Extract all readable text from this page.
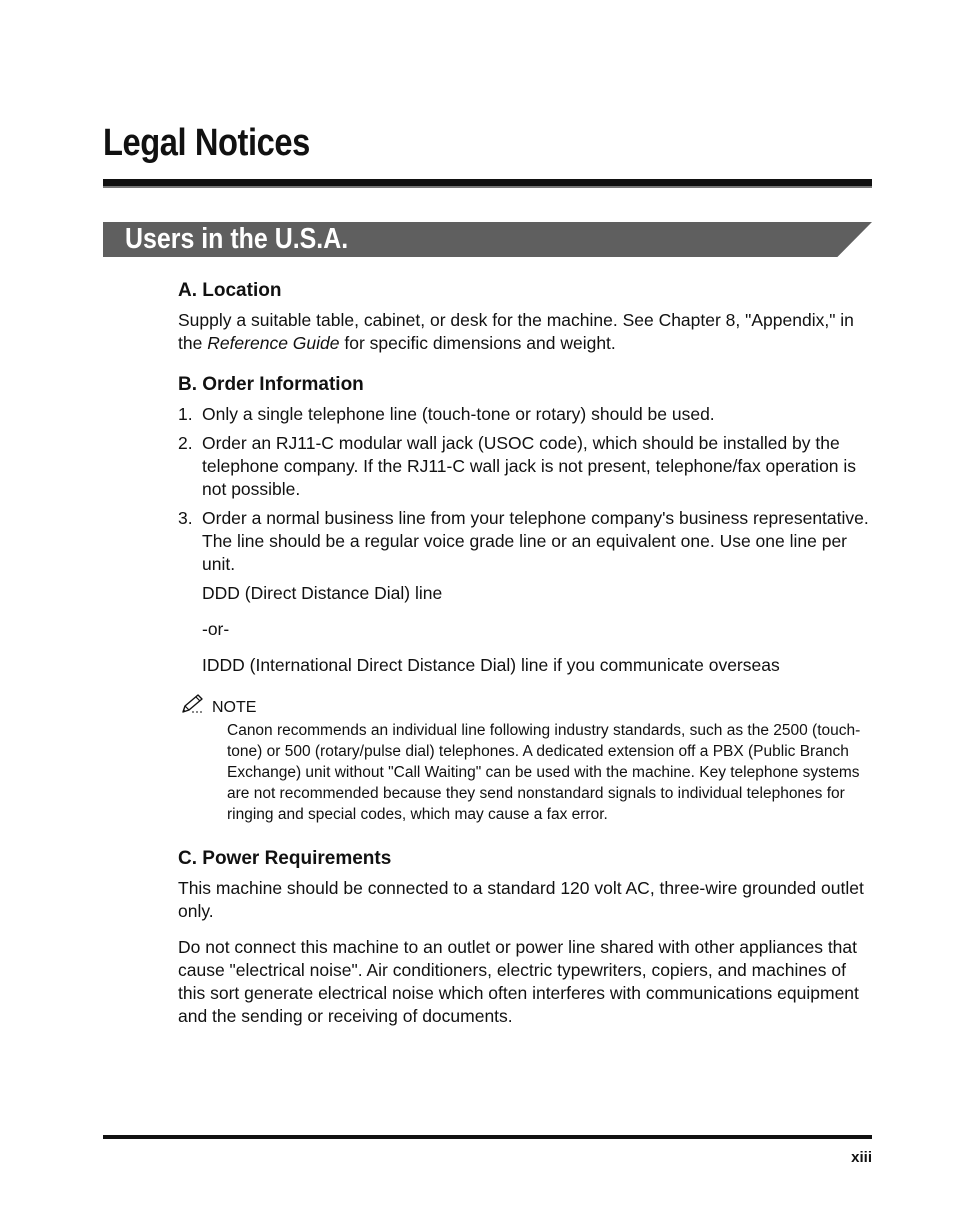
Legal Notices
Users in the U.S.A.
A. Location

Supply a suitable table, cabinet, or desk for the machine. See Chapter 8, "Appendix," in the Reference Guide for specific dimensions and weight.

B. Order Information
1. Only a single telephone line (touch-tone or rotary) should be used.
2. Order an RJ11-C modular wall jack (USOC code), which should be installed by the telephone company. If the RJ11-C wall jack is not present, telephone/fax operation is not possible.
3. Order a normal business line from your telephone company's business representative. The line should be a regular voice grade line or an equivalent one. Use one line per unit.

DDD (Direct Distance Dial) line

-or-

IDDD (International Direct Distance Dial) line if you communicate overseas

NOTE

Canon recommends an individual line following industry standards, such as the 2500 (touch-tone) or 500 (rotary/pulse dial) telephones. A dedicated extension off a PBX (Public Branch Exchange) unit without "Call Waiting" can be used with the machine. Key telephone systems are not recommended because they send nonstandard signals to individual telephones for ringing and special codes, which may cause a fax error.

C. Power Requirements

This machine should be connected to a standard 120 volt AC, three-wire grounded outlet only.

Do not connect this machine to an outlet or power line shared with other appliances that cause "electrical noise". Air conditioners, electric typewriters, copiers, and machines of this sort generate electrical noise which often interferes with communications equipment and the sending or receiving of documents.

xiii
